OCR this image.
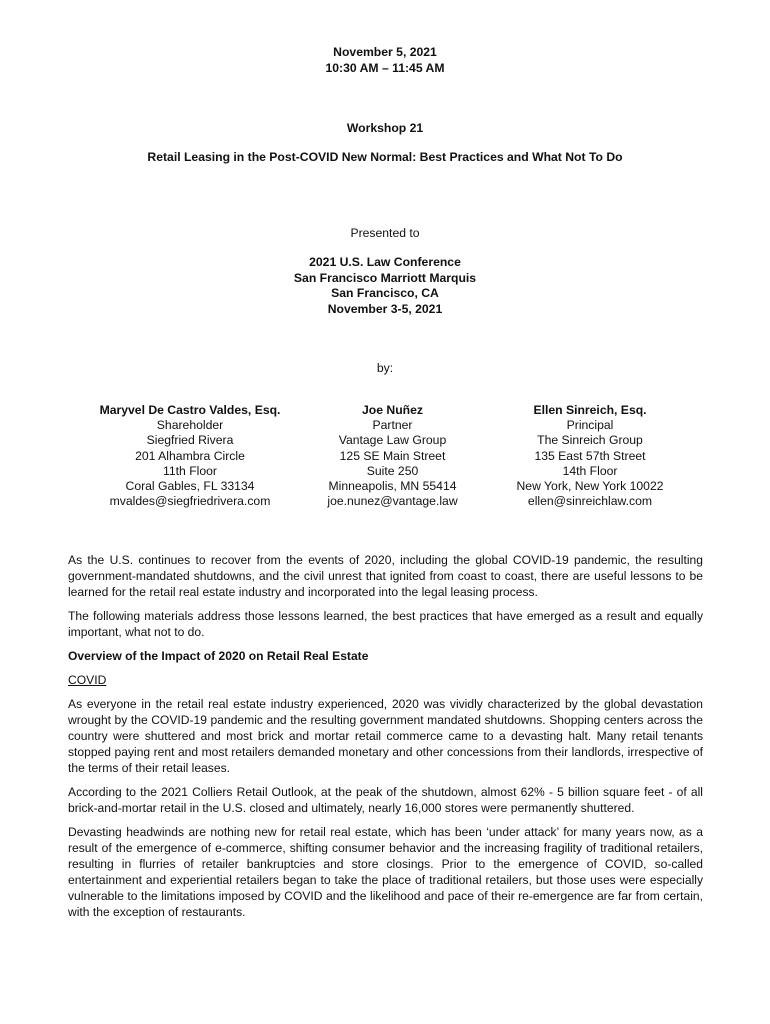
November 5, 2021
10:30 AM – 11:45 AM
Workshop 21
Retail Leasing in the Post-COVID New Normal: Best Practices and What Not To Do
Presented to
2021 U.S. Law Conference
San Francisco Marriott Marquis
San Francisco, CA
November 3-5, 2021
by:
Maryvel De Castro Valdes, Esq.
Shareholder
Siegfried Rivera
201 Alhambra Circle
11th Floor
Coral Gables, FL 33134
mvaldes@siegfriedrivera.com
Joe Nuñez
Partner
Vantage Law Group
125 SE Main Street
Suite 250
Minneapolis, MN 55414
joe.nunez@vantage.law
Ellen Sinreich, Esq.
Principal
The Sinreich Group
135 East 57th Street
14th Floor
New York, New York 10022
ellen@sinreichlaw.com

As the U.S. continues to recover from the events of 2020, including the global COVID-19 pandemic, the resulting government-mandated shutdowns, and the civil unrest that ignited from coast to coast, there are useful lessons to be learned for the retail real estate industry and incorporated into the legal leasing process.

The following materials address those lessons learned, the best practices that have emerged as a result and equally important, what not to do.

Overview of the Impact of 2020 on Retail Real Estate
COVID

As everyone in the retail real estate industry experienced, 2020 was vividly characterized by the global devastation wrought by the COVID-19 pandemic and the resulting government mandated shutdowns. Shopping centers across the country were shuttered and most brick and mortar retail commerce came to a devasting halt. Many retail tenants stopped paying rent and most retailers demanded monetary and other concessions from their landlords, irrespective of the terms of their retail leases.

According to the 2021 Colliers Retail Outlook, at the peak of the shutdown, almost 62% - 5 billion square feet - of all brick-and-mortar retail in the U.S. closed and ultimately, nearly 16,000 stores were permanently shuttered.

Devasting headwinds are nothing new for retail real estate, which has been ‘under attack’ for many years now, as a result of the emergence of e-commerce, shifting consumer behavior and the increasing fragility of traditional retailers, resulting in flurries of retailer bankruptcies and store closings. Prior to the emergence of COVID, so-called entertainment and experiential retailers began to take the place of traditional retailers, but those uses were especially vulnerable to the limitations imposed by COVID and the likelihood and pace of their re-emergence are far from certain, with the exception of restaurants.
